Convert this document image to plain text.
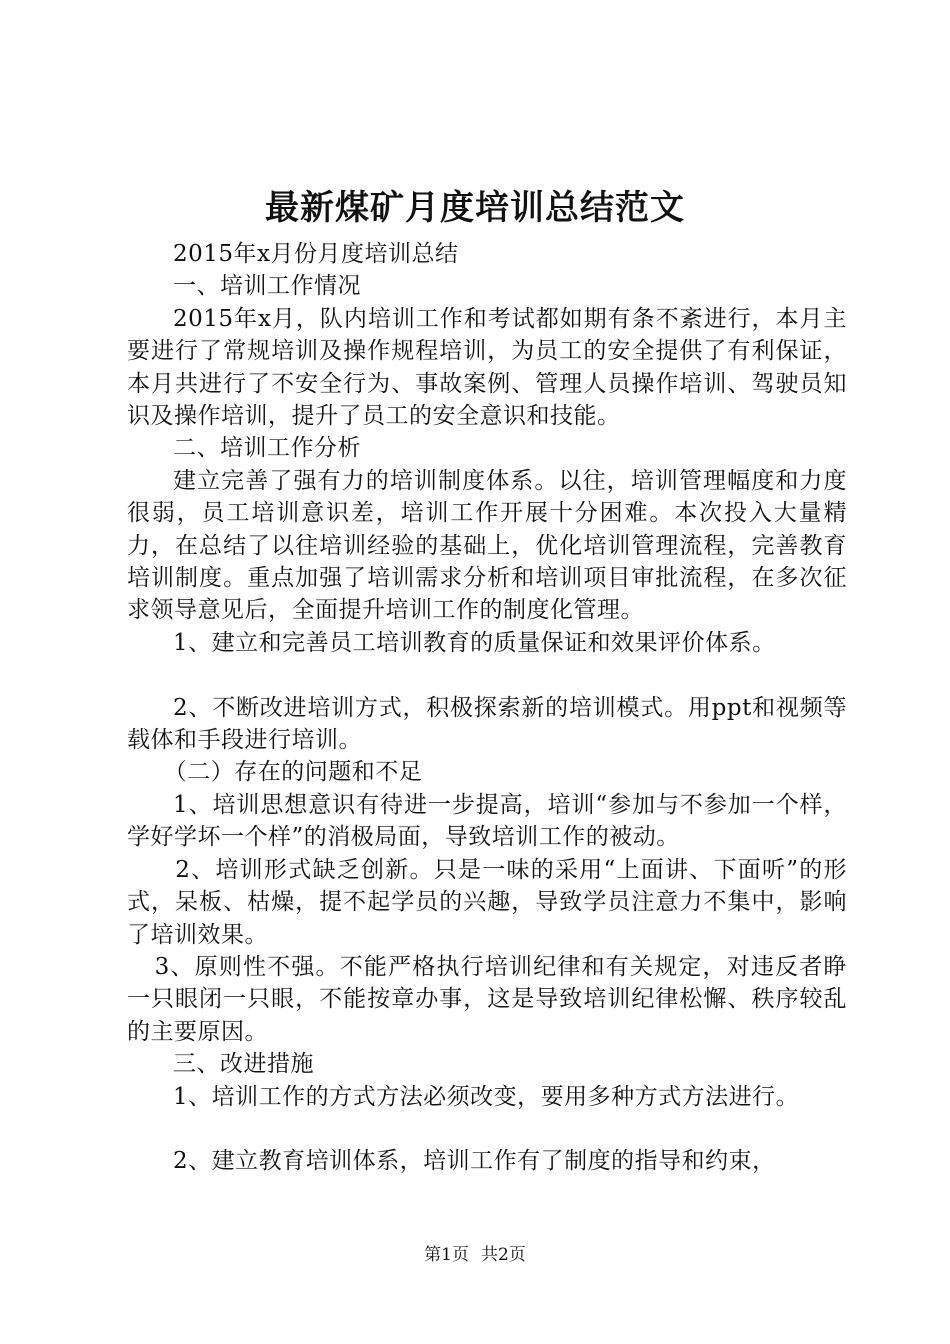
最新煤矿月度培训总结范文

2015年x月份月度培训总结

一、培训工作情况

2015年x月，队内培训工作和考试都如期有条不紊进行，本月主要进行了常规培训及操作规程培训，为员工的安全提供了有利保证，本月共进行了不安全行为、事故案例、管理人员操作培训、驾驶员知识及操作培训，提升了员工的安全意识和技能。

二、培训工作分析

建立完善了强有力的培训制度体系。以往，培训管理幅度和力度很弱，员工培训意识差，培训工作开展十分困难。本次投入大量精力，在总结了以往培训经验的基础上，优化培训管理流程，完善教育培训制度。重点加强了培训需求分析和培训项目审批流程，在多次征求领导意见后，全面提升培训工作的制度化管理。

1、建立和完善员工培训教育的质量保证和效果评价体系。

2、不断改进培训方式，积极探索新的培训模式。用ppt和视频等载体和手段进行培训。

（二）存在的问题和不足

1、培训思想意识有待进一步提高，培训“参加与不参加一个样，学好学坏一个样”的消极局面，导致培训工作的被动。

2、培训形式缺乏创新。只是一味的采用“上面讲、下面听”的形式，呆板、枯燥，提不起学员的兴趣，导致学员注意力不集中，影响了培训效果。

3、原则性不强。不能严格执行培训纪律和有关规定，对违反者睁一只眼闭一只眼，不能按章办事，这是导致培训纪律松懈、秩序较乱的主要原因。

三、改进措施

1、培训工作的方式方法必须改变，要用多种方式方法进行。

2、建立教育培训体系，培训工作有了制度的指导和约束，

第1页 共2页
